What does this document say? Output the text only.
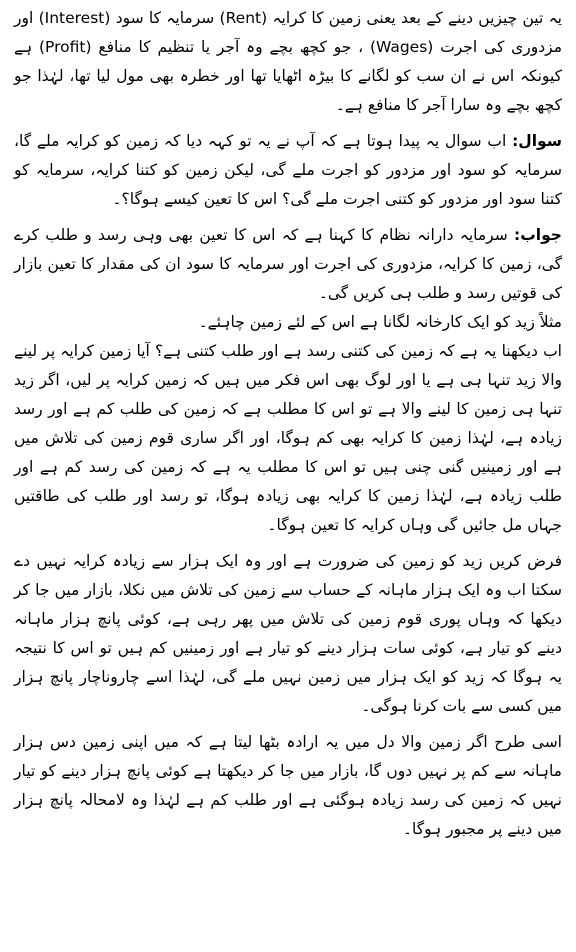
یہ تین چیزیں دینے کے بعد یعنی زمین کا کرایہ (Rent) سرمایہ کا سود (Interest) اور مزدوری کی اجرت (Wages) ، جو کچھ بچے وہ آجر یا تنظیم کا منافع (Profit) ہے کیونکہ اس نے ان سب کو لگانے کا بیڑہ اٹھایا تھا اور خطرہ بھی مول لیا تھا، لہٰذا جو کچھ بچے وہ سارا آجر کا منافع ہے۔

سوال: اب سوال یہ پیدا ہوتا ہے کہ آپ نے یہ تو کہہ دیا کہ زمین کو کرایہ ملے گا، سرمایہ کو سود اور مزدور کو اجرت ملے گی، لیکن زمین کو کتنا کرایہ، سرمایہ کو کتنا سود اور مزدور کو کتنی اجرت ملے گی؟ اس کا تعین کیسے ہوگا؟۔

جواب: سرمایہ دارانہ نظام کا کہنا ہے کہ اس کا تعین بھی وہی رسد و طلب کرے گی، زمین کا کرایہ، مزدوری کی اجرت اور سرمایہ کا سود ان کی مقدار کا تعین بازار کی قوتیں رسد و طلب ہی کریں گی۔

مثلاً زید کو ایک کارخانہ لگانا ہے اس کے لئے زمین چاہئے۔

اب دیکھنا یہ ہے کہ زمین کی کتنی رسد ہے اور طلب کتنی ہے؟ آیا زمین کرایہ پر لینے والا زید تنہا ہی ہے یا اور لوگ بھی اس فکر میں ہیں کہ زمین کرایہ پر لیں، اگر زید تنہا ہی زمین کا لینے والا ہے تو اس کا مطلب ہے کہ زمین کی طلب کم ہے اور رسد زیادہ ہے، لہٰذا زمین کا کرایہ بھی کم ہوگا، اور اگر ساری قوم زمین کی تلاش میں ہے اور زمینیں گنی چنی ہیں تو اس کا مطلب یہ ہے کہ زمین کی رسد کم ہے اور طلب زیادہ ہے، لہٰذا زمین کا کرایہ بھی زیادہ ہوگا، تو رسد اور طلب کی طاقتیں جہاں مل جائیں گی وہاں کرایہ کا تعین ہوگا۔

فرض کریں زید کو زمین کی ضرورت ہے اور وہ ایک ہزار سے زیادہ کرایہ نہیں دے سکتا اب وہ ایک ہزار ماہانہ کے حساب سے زمین کی تلاش میں نکلا، بازار میں جا کر دیکھا کہ وہاں پوری قوم زمین کی تلاش میں پھر رہی ہے، کوئی پانچ ہزار ماہانہ دینے کو تیار ہے، کوئی سات ہزار دینے کو تیار ہے اور زمینیں کم ہیں تو اس کا نتیجہ یہ ہوگا کہ زید کو ایک ہزار میں زمین نہیں ملے گی، لہٰذا اسے چاروناچار پانچ ہزار میں کسی سے بات کرنا ہوگی۔

اسی طرح اگر زمین والا دل میں یہ ارادہ بٹھا لیتا ہے کہ میں اپنی زمین دس ہزار ماہانہ سے کم پر نہیں دوں گا، بازار میں جا کر دیکھتا ہے کوئی پانچ ہزار دینے کو تیار نہیں کہ زمین کی رسد زیادہ ہوگئی ہے اور طلب کم ہے لہٰذا وہ لامحالہ پانچ ہزار میں دینے پر مجبور ہوگا۔
